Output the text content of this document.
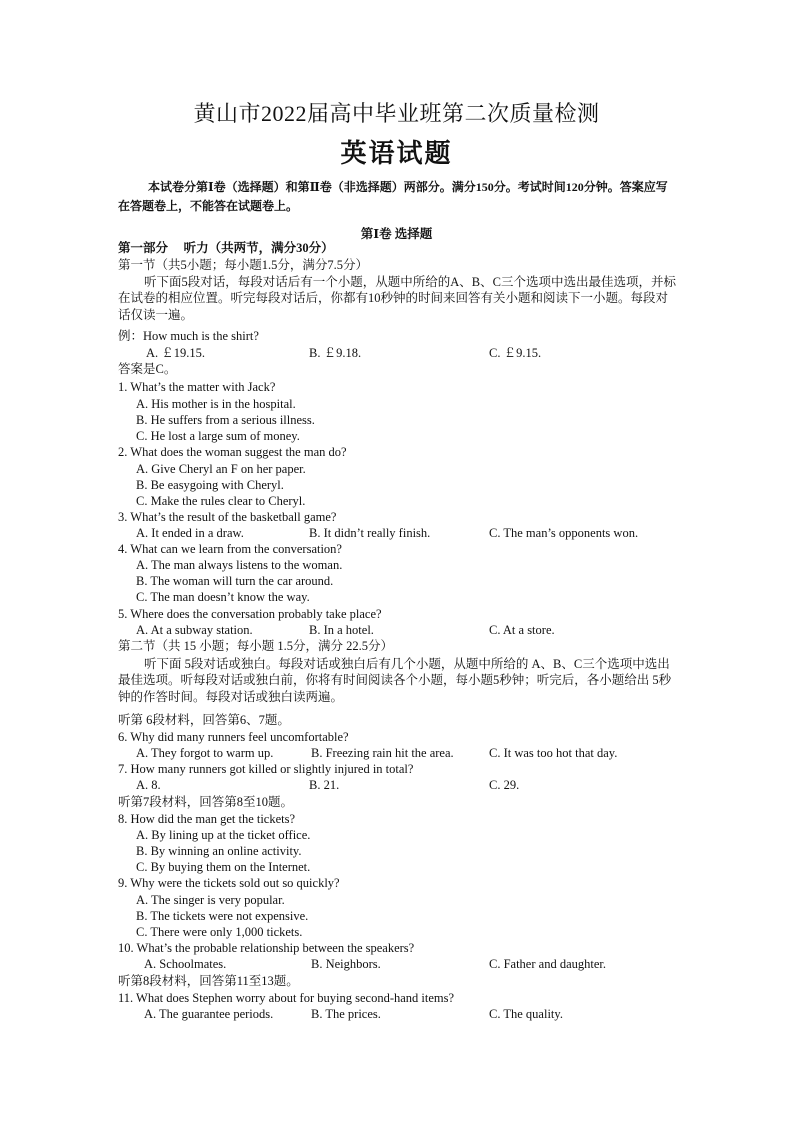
黄山市2022届高中毕业班第二次质量检测
英语试题
本试卷分第Ⅰ卷（选择题）和第Ⅱ卷（非选择题）两部分。满分150分。考试时间120分钟。答案应写在答题卷上，不能答在试题卷上。
第Ⅰ卷 选择题
第一部分　 听力（共两节，满分30分）
第一节（共5小题；每小题1.5分，满分7.5分）
听下面5段对话，每段对话后有一个小题，从题中所给的A、B、C三个选项中选出最佳选项，并标在试卷的相应位置。听完每段对话后，你都有10秒钟的时间来回答有关小题和阅读下一小题。每段对话仅读一遍。
例：How much is the shirt?
A. ￡19.15.	B. ￡9.18.	C. ￡9.15.
答案是C。
1. What’s the matter with Jack?
A. His mother is in the hospital.
B. He suffers from a serious illness.
C. He lost a large sum of money.
2. What does the woman suggest the man do?
A. Give Cheryl an F on her paper.
B. Be easygoing with Cheryl.
C. Make the rules clear to Cheryl.
3. What’s the result of the basketball game?
A. It ended in a draw.	B. It didn’t really finish.	C. The man’s opponents won.
4. What can we learn from the conversation?
A. The man always listens to the woman.
B. The woman will turn the car around.
C. The man doesn’t know the way.
5. Where does the conversation probably take place?
A. At a subway station.	B. In a hotel.	C. At a store.
第二节（共 15 小题；每小题 1.5分，满分 22.5分）
听下面 5段对话或独白。每段对话或独白后有几个小题，从题中所给的 A、B、C三个选项中选出最佳选项。听每段对话或独白前，你将有时间阅读各个小题，每小题5秒钟；听完后，各小题给出 5秒钟的作答时间。每段对话或独白读两遍。
听第 6段材料，回答第6、7题。
6. Why did many runners feel uncomfortable?
A. They forgot to warm up.	B. Freezing rain hit the area.	C. It was too hot that day.
7. How many runners got killed or slightly injured in total?
A. 8.	B. 21.	C. 29.
听第7段材料，回答第8至10题。
8. How did the man get the tickets?
A. By lining up at the ticket office.
B. By winning an online activity.
C. By buying them on the Internet.
9. Why were the tickets sold out so quickly?
A. The singer is very popular.
B. The tickets were not expensive.
C. There were only 1,000 tickets.
10. What’s the probable relationship between the speakers?
A. Schoolmates.	B. Neighbors.	C. Father and daughter.
听第8段材料，回答第11至13题。
11. What does Stephen worry about for buying second-hand items?
A. The guarantee periods.	B. The prices.	C. The quality.
